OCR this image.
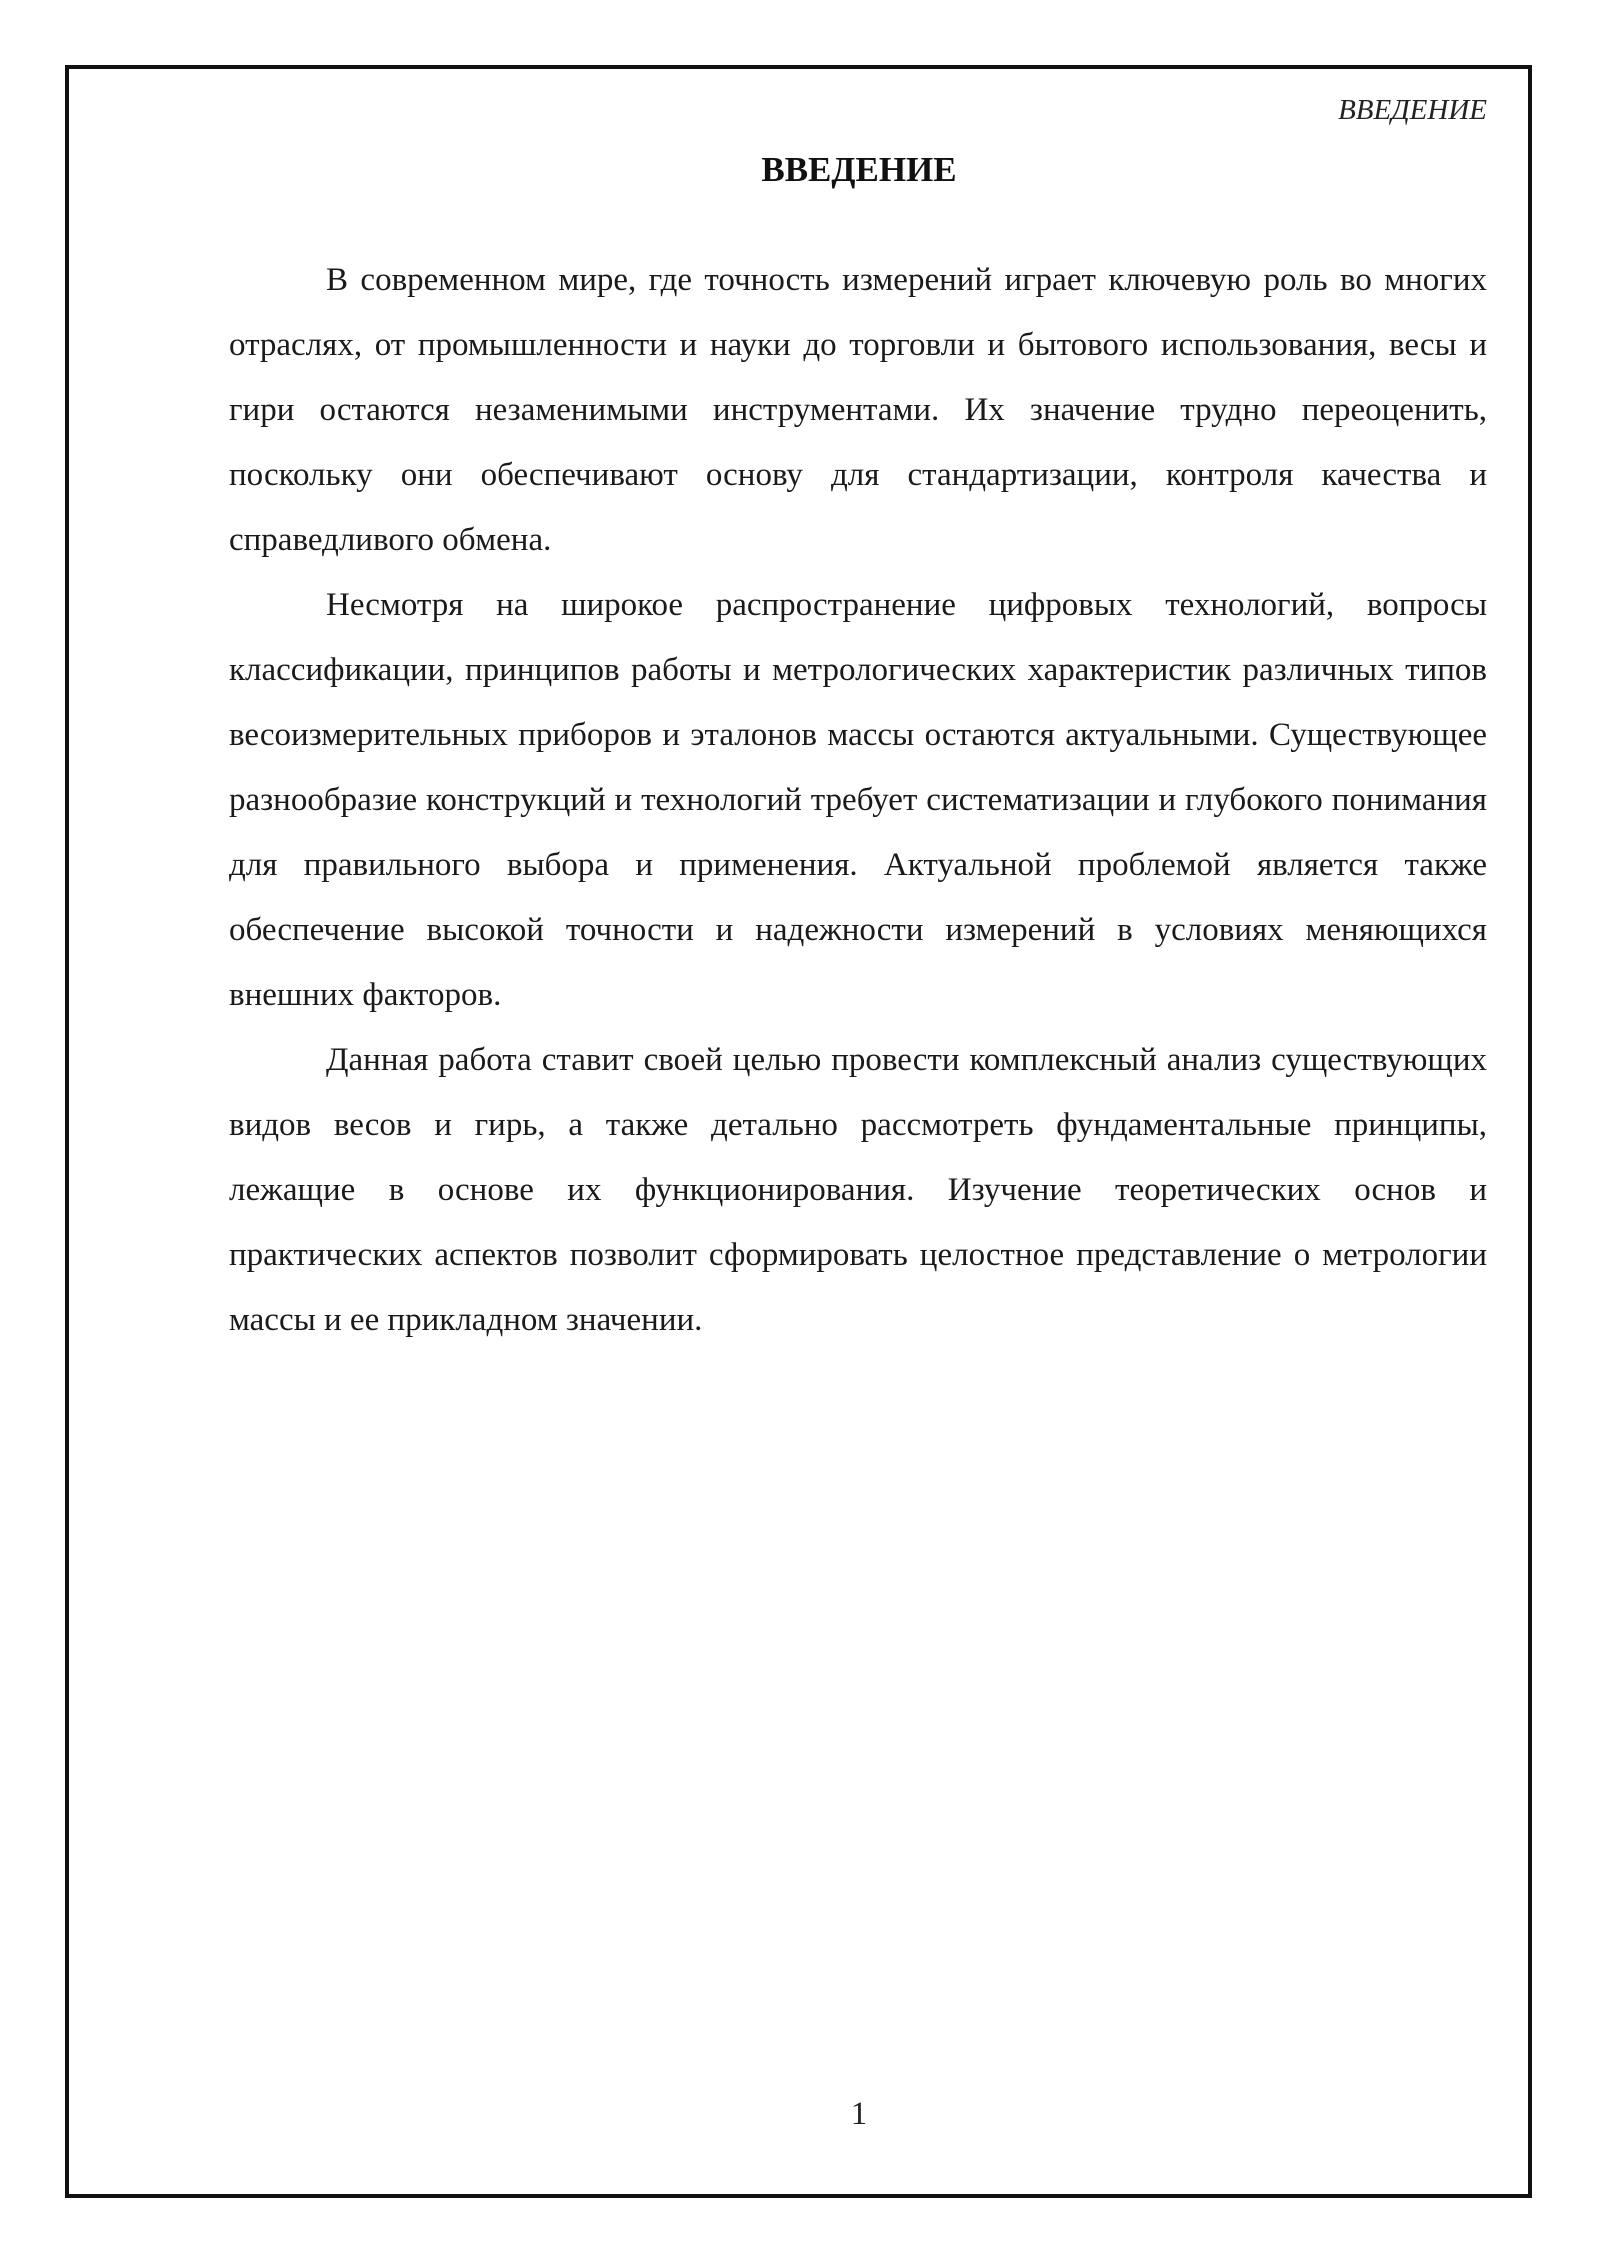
ВВЕДЕНИЕ
ВВЕДЕНИЕ

В современном мире, где точность измерений играет ключевую роль во многих отраслях, от промышленности и науки до торговли и бытового использования, весы и гири остаются незаменимыми инструментами. Их значение трудно переоценить, поскольку они обеспечивают основу для стандартизации, контроля качества и справедливого обмена.

Несмотря на широкое распространение цифровых технологий, вопросы классификации, принципов работы и метрологических характеристик различных типов весоизмерительных приборов и эталонов массы остаются актуальными. Существующее разнообразие конструкций и технологий требует систематизации и глубокого понимания для правильного выбора и применения. Актуальной проблемой является также обеспечение высокой точности и надежности измерений в условиях меняющихся внешних факторов.

Данная работа ставит своей целью провести комплексный анализ существующих видов весов и гирь, а также детально рассмотреть фундаментальные принципы, лежащие в основе их функционирования. Изучение теоретических основ и практических аспектов позволит сформировать целостное представление о метрологии массы и ее прикладном значении.

1
